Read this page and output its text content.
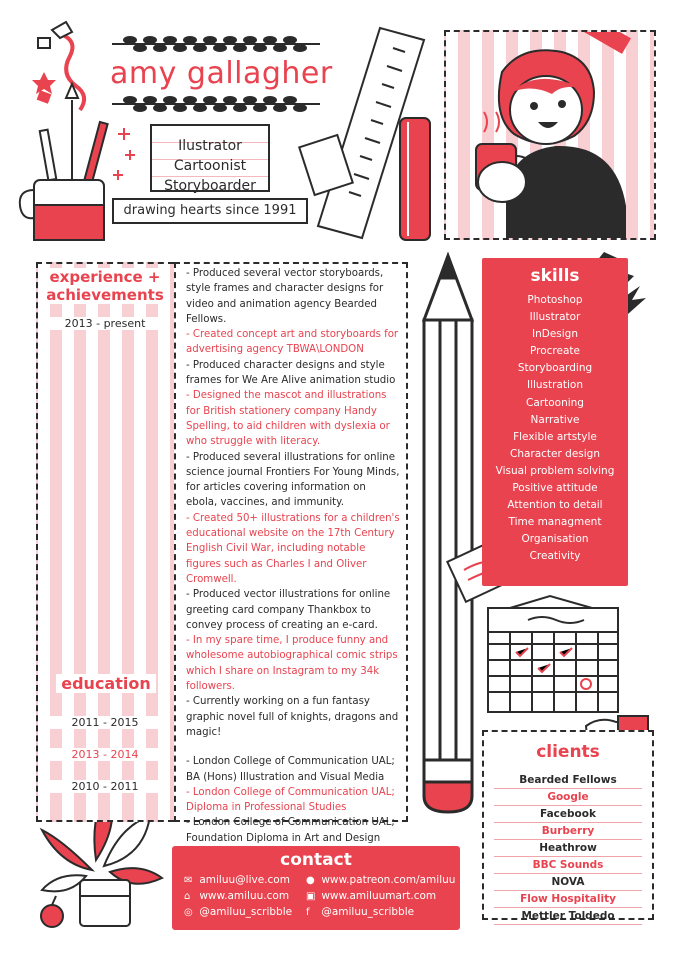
amy gallagher
Ilustrator
Cartoonist
Storyboarder
drawing hearts since 1991
experience +
achievements
2013 - present

- Produced several vector storyboards, style frames and character designs for video and animation agency Bearded Fellows.

- Created concept art and storyboards for advertising agency TBWA\LONDON

- Produced character designs and style frames for We Are Alive animation studio

- Designed the mascot and illustrations for British stationery company Handy Spelling, to aid children with dyslexia or who struggle with literacy.

- Produced several illustrations for online science journal Frontiers For Young Minds, for articles covering information on ebola, vaccines, and immunity.

- Created 50+ illustrations for a children's educational website on the 17th Century English Civil War, including notable figures such as Charles I and Oliver Cromwell.

- Produced vector illustrations for online greeting card company Thankbox to convey process of creating an e-card.

- In my spare time, I produce funny and wholesome autobiographical comic strips which I share on Instagram to my 34k followers.

- Currently working on a fun fantasy graphic novel full of knights, dragons and magic!

- London College of Communication UAL; BA (Hons) Illustration and Visual Media

- London College of Communication UAL; Diploma in Professional Studies

- London College of Communication UAL; Foundation Diploma in Art and Design

education
2011 - 2015
2013 - 2014
2010 - 2011
skills
Photoshop
Illustrator
InDesign
Procreate
Storyboarding
Illustration
Cartooning
Narrative
Flexible artstyle
Character design
Visual problem solving
Positive attitude
Attention to detail
Time managment
Organisation
Creativity
clients
Bearded Fellows
Google
Facebook
Burberry
Heathrow
BBC Sounds
NOVA
Flow Hospitality
Mettler Toldedo
contact
✉ amiluu@live.com
⌂ www.amiluu.com
◎ @amiluu_scribble
● www.patreon.com/amiluu
▣ www.amiluumart.com
f @amiluu_scribble
